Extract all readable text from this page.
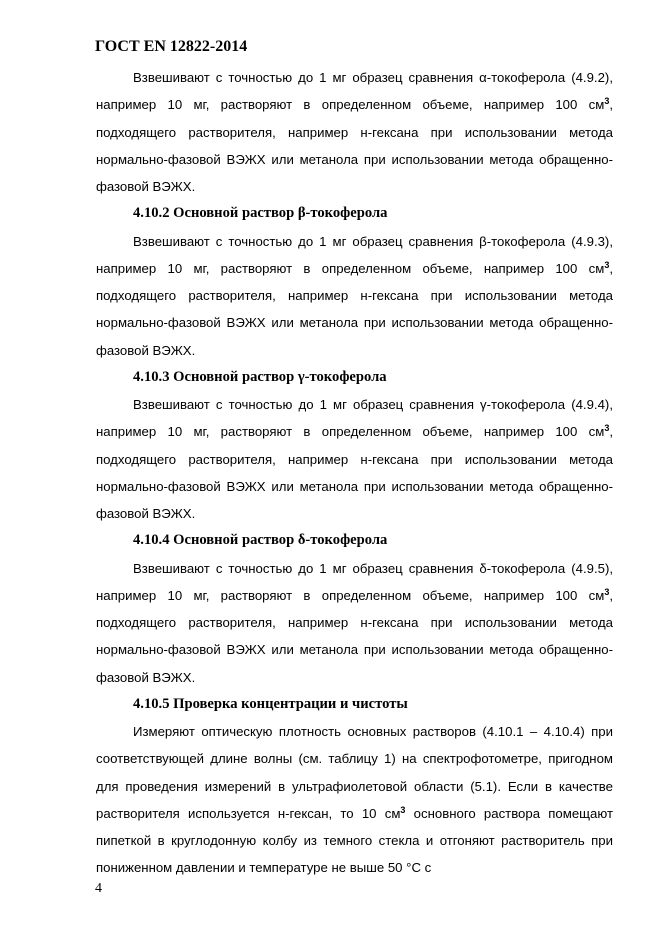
ГОСТ EN 12822-2014

Взвешивают с точностью до 1 мг образец сравнения α-токоферола (4.9.2), например 10 мг, растворяют в определенном объеме, например 100 $см^3$, подходящего растворителя, например н-гексана при использовании метода нормально-фазовой ВЭЖХ или метанола при использовании метода обращенно-фазовой ВЭЖХ.

4.10.2 Основной раствор β-токоферола

Взвешивают с точностью до 1 мг образец сравнения β-токоферола (4.9.3), например 10 мг, растворяют в определенном объеме, например 100 $см^3$, подходящего растворителя, например н-гексана при использовании метода нормально-фазовой ВЭЖХ или метанола при использовании метода обращенно-фазовой ВЭЖХ.

4.10.3 Основной раствор γ-токоферола

Взвешивают с точностью до 1 мг образец сравнения γ-токоферола (4.9.4), например 10 мг, растворяют в определенном объеме, например 100 $см^3$, подходящего растворителя, например н-гексана при использовании метода нормально-фазовой ВЭЖХ или метанола при использовании метода обращенно-фазовой ВЭЖХ.

4.10.4 Основной раствор δ-токоферола

Взвешивают с точностью до 1 мг образец сравнения δ-токоферола (4.9.5), например 10 мг, растворяют в определенном объеме, например 100 $см^3$, подходящего растворителя, например н-гексана при использовании метода нормально-фазовой ВЭЖХ или метанола при использовании метода обращенно-фазовой ВЭЖХ.

4.10.5 Проверка концентрации и чистоты

Измеряют оптическую плотность основных растворов (4.10.1 – 4.10.4) при соответствующей длине волны (см. таблицу 1) на спектрофотометре, пригодном для проведения измерений в ультрафиолетовой области (5.1). Если в качестве растворителя используется н-гексан, то 10 $см^3$ основного раствора помещают пипеткой в круглодонную колбу из темного стекла и отгоняют растворитель при пониженном давлении и температуре не выше 50 °С с

4
